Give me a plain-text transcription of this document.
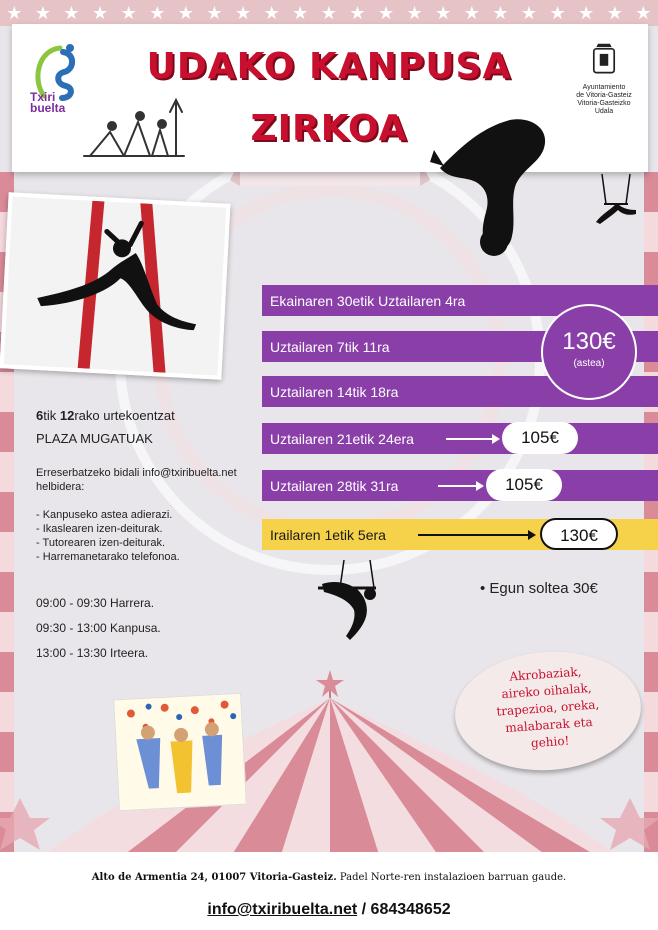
★ ★ ★ ★ ★ ★ ★ ★ ★ ★ ★ ★ ★ ★ ★ ★ ★ ★ ★ ★ ★ ★ ★
Txiri
buelta
UDAKO KANPUSA
ZIRKOA
Ayuntamiento
de Vitoria-Gasteiz
Vitoria-Gasteizko
Udala
6tik 12rako urtekoentzat
PLAZA MUGATUAK
Erreserbatzeko bidali info@txiribuelta.net helbidera:
- Kanpuseko astea adierazi.
- Ikaslearen izen-deiturak.
- Tutorearen izen-deiturak.
- Harremanetarako telefonoa.
09:00 - 09:30 Harrera.
09:30 - 13:00 Kanpusa.
13:00 - 13:30 Irteera.
Ekainaren 30etik Uztailaren 4ra
Uztailaren 7tik 11ra
Uztailaren 14tik 18ra
Uztailaren 21etik 24era
Uztailaren 28tik 31ra
Irailaren 1etik 5era
130€
(astea)
105€
105€
130€
• Egun soltea 30€
Akrobaziak,
aireko oihalak,
trapezioa, oreka,
malabarak eta
gehio!
Alto de Armentia 24, 01007 Vitoria-Gasteiz. Padel Norte-ren instalazioen barruan gaude.
info@txiribuelta.net / 684348652
